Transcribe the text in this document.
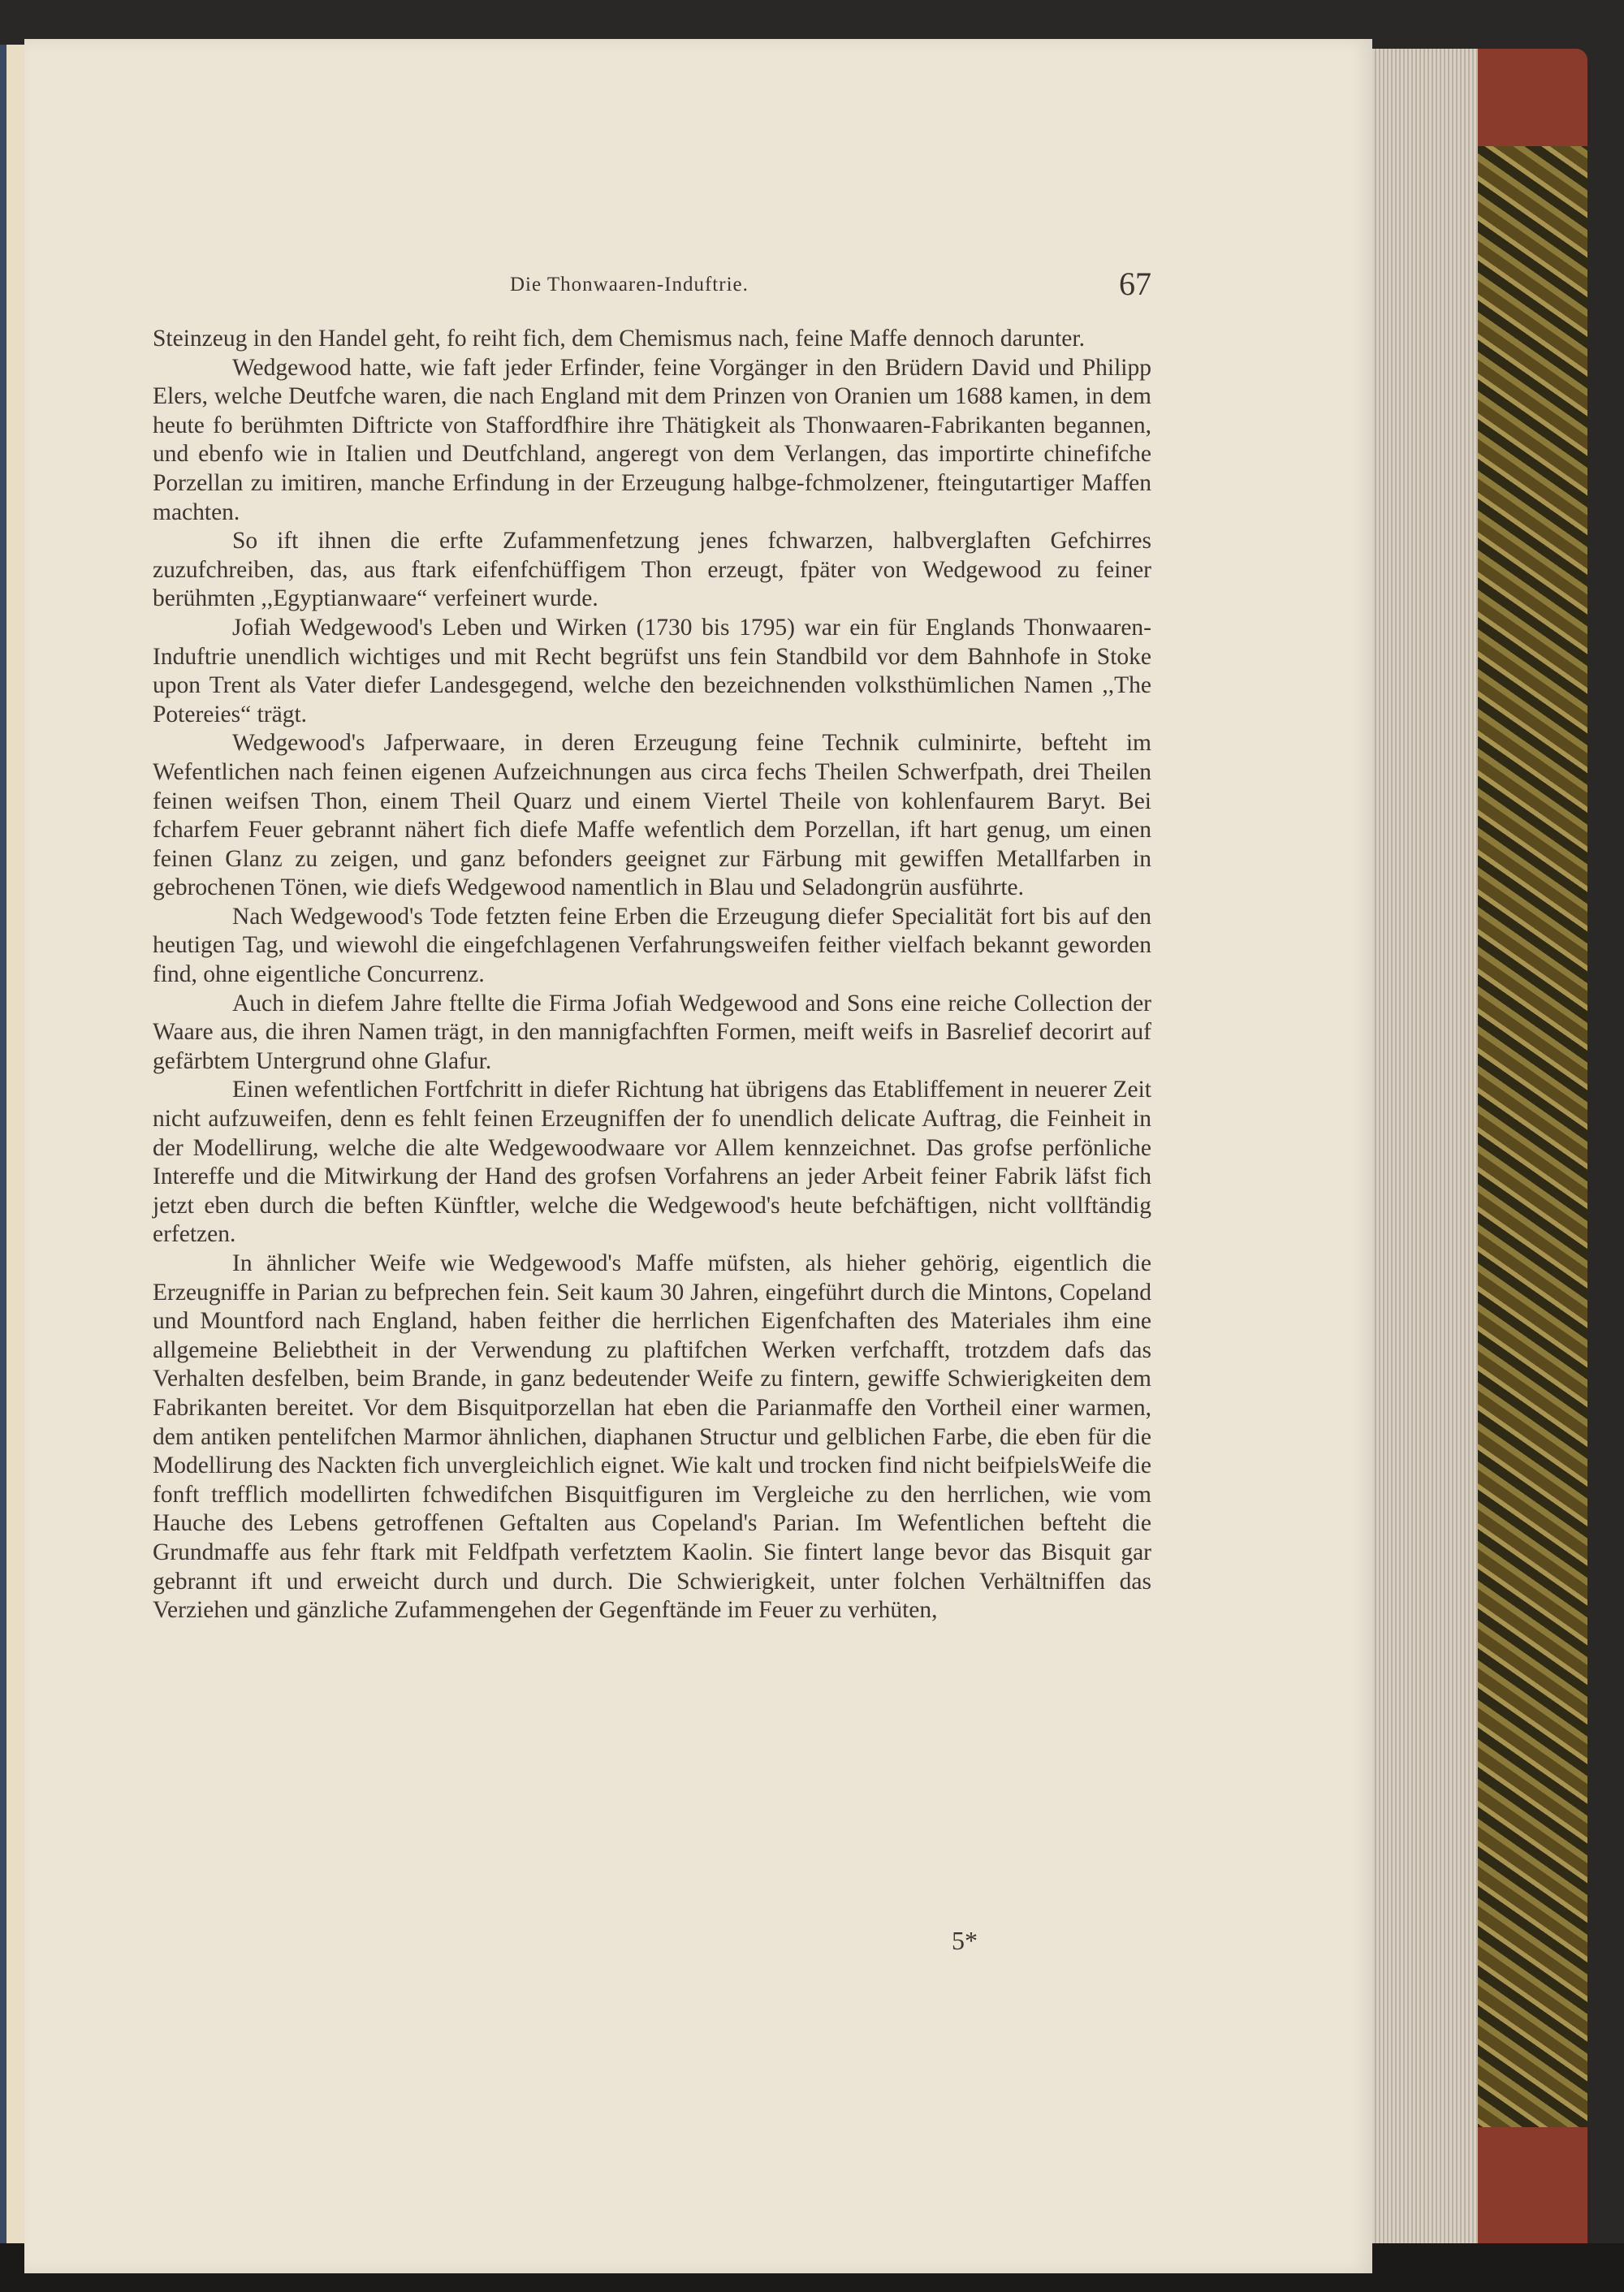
Die Thonwaaren-Induftrie.	67

Steinzeug in den Handel geht, fo reiht fich, dem Chemismus nach, feine Maffe dennoch darunter.

Wedgewood hatte, wie faft jeder Erfinder, feine Vorgänger in den Brüdern David und Philipp Elers, welche Deutfche waren, die nach England mit dem Prinzen von Oranien um 1688 kamen, in dem heute fo berühmten Diftricte von Staffordfhire ihre Thätigkeit als Thonwaaren-Fabrikanten begannen, und ebenfo wie in Italien und Deutfchland, angeregt von dem Verlangen, das importirte chinefifche Porzellan zu imitiren, manche Erfindung in der Erzeugung halbge-fchmolzener, fteingutartiger Maffen machten.

So ift ihnen die erfte Zufammenfetzung jenes fchwarzen, halbverglaften Gefchirres zuzufchreiben, das, aus ftark eifenfchüffigem Thon erzeugt, fpäter von Wedgewood zu feiner berühmten ,,Egyptianwaare“ verfeinert wurde.

Jofiah Wedgewood's Leben und Wirken (1730 bis 1795) war ein für Englands Thonwaaren-Induftrie unendlich wichtiges und mit Recht begrüfst uns fein Standbild vor dem Bahnhofe in Stoke upon Trent als Vater diefer Landesgegend, welche den bezeichnenden volksthümlichen Namen ,,The Potereies“ trägt.

Wedgewood's Jafperwaare, in deren Erzeugung feine Technik culminirte, befteht im Wefentlichen nach feinen eigenen Aufzeichnungen aus circa fechs Theilen Schwerfpath, drei Theilen feinen weifsen Thon, einem Theil Quarz und einem Viertel Theile von kohlenfaurem Baryt. Bei fcharfem Feuer gebrannt nähert fich diefe Maffe wefentlich dem Porzellan, ift hart genug, um einen feinen Glanz zu zeigen, und ganz befonders geeignet zur Färbung mit gewiffen Metallfarben in gebrochenen Tönen, wie diefs Wedgewood namentlich in Blau und Seladongrün ausführte.

Nach Wedgewood's Tode fetzten feine Erben die Erzeugung diefer Specialität fort bis auf den heutigen Tag, und wiewohl die eingefchlagenen Verfahrungsweifen feither vielfach bekannt geworden find, ohne eigentliche Concurrenz.

Auch in diefem Jahre ftellte die Firma Jofiah Wedgewood and Sons eine reiche Collection der Waare aus, die ihren Namen trägt, in den mannigfachften Formen, meift weifs in Basrelief decorirt auf gefärbtem Untergrund ohne Glafur.

Einen wefentlichen Fortfchritt in diefer Richtung hat übrigens das Etabliffement in neuerer Zeit nicht aufzuweifen, denn es fehlt feinen Erzeugniffen der fo unendlich delicate Auftrag, die Feinheit in der Modellirung, welche die alte Wedgewoodwaare vor Allem kennzeichnet. Das grofse perfönliche Intereffe und die Mitwirkung der Hand des grofsen Vorfahrens an jeder Arbeit feiner Fabrik läfst fich jetzt eben durch die beften Künftler, welche die Wedgewood's heute befchäftigen, nicht vollftändig erfetzen.

In ähnlicher Weife wie Wedgewood's Maffe müfsten, als hieher gehörig, eigentlich die Erzeugniffe in Parian zu befprechen fein. Seit kaum 30 Jahren, eingeführt durch die Mintons, Copeland und Mountford nach England, haben feither die herrlichen Eigenfchaften des Materiales ihm eine allgemeine Beliebtheit in der Verwendung zu plaftifchen Werken verfchafft, trotzdem dafs das Verhalten desfelben, beim Brande, in ganz bedeutender Weife zu fintern, gewiffe Schwierigkeiten dem Fabrikanten bereitet. Vor dem Bisquitporzellan hat eben die Parianmaffe den Vortheil einer warmen, dem antiken pentelifchen Marmor ähnlichen, diaphanen Structur und gelblichen Farbe, die eben für die Modellirung des Nackten fich unvergleichlich eignet. Wie kalt und trocken find nicht beifpielsWeife die fonft trefflich modellirten fchwedifchen Bisquitfiguren im Vergleiche zu den herrlichen, wie vom Hauche des Lebens getroffenen Geftalten aus Copeland's Parian. Im Wefentlichen befteht die Grundmaffe aus fehr ftark mit Feldfpath verfetztem Kaolin. Sie fintert lange bevor das Bisquit gar gebrannt ift und erweicht durch und durch. Die Schwierigkeit, unter folchen Verhältniffen das Verziehen und gänzliche Zufammengehen der Gegenftände im Feuer zu verhüten,

5*
